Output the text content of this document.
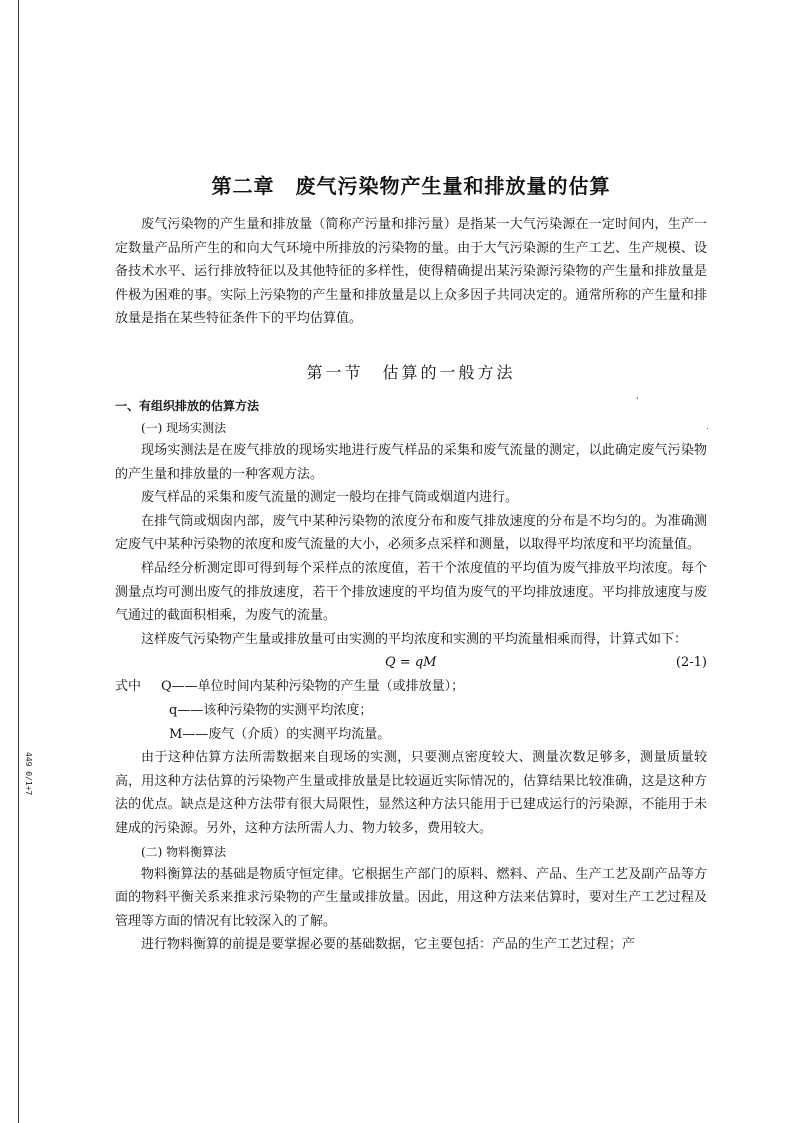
449 0/1+7
‘
.
第二章　废气污染物产生量和排放量的估算

废气污染物的产生量和排放量（简称产污量和排污量）是指某一大气污染源在一定时间内，生产一定数量产品所产生的和向大气环境中所排放的污染物的量。由于大气污染源的生产工艺、生产规模、设备技术水平、运行排放特征以及其他特征的多样性，使得精确提出某污染源污染物的产生量和排放量是件极为困难的事。实际上污染物的产生量和排放量是以上众多因子共同决定的。通常所称的产生量和排放量是指在某些特征条件下的平均估算值。

第一节　估算的一般方法

一、有组织排放的估算方法

(一) 现场实测法

现场实测法是在废气排放的现场实地进行废气样品的采集和废气流量的测定，以此确定废气污染物的产生量和排放量的一种客观方法。

废气样品的采集和废气流量的测定一般均在排气筒或烟道内进行。

在排气筒或烟囱内部，废气中某种污染物的浓度分布和废气排放速度的分布是不均匀的。为准确测定废气中某种污染物的浓度和废气流量的大小，必须多点采样和测量，以取得平均浓度和平均流量值。

样品经分析测定即可得到每个采样点的浓度值，若干个浓度值的平均值为废气排放平均浓度。每个测量点均可测出废气的排放速度，若干个排放速度的平均值为废气的平均排放速度。平均排放速度与废气通过的截面积相乘，为废气的流量。

这样废气污染物产生量或排放量可由实测的平均浓度和实测的平均流量相乘而得，计算式如下：

Q = qM	(2-1)
式中 Q——单位时间内某种污染物的产生量（或排放量）；
q——该种污染物的实测平均浓度；
M——废气（介质）的实测平均流量。

由于这种估算方法所需数据来自现场的实测，只要测点密度较大、测量次数足够多，测量质量较高，用这种方法估算的污染物产生量或排放量是比较逼近实际情况的，估算结果比较准确，这是这种方法的优点。缺点是这种方法带有很大局限性，显然这种方法只能用于已建成运行的污染源，不能用于未建成的污染源。另外，这种方法所需人力、物力较多，费用较大。

(二) 物料衡算法

物料衡算法的基础是物质守恒定律。它根据生产部门的原料、燃料、产品、生产工艺及副产品等方面的物料平衡关系来推求污染物的产生量或排放量。因此，用这种方法来估算时，要对生产工艺过程及管理等方面的情况有比较深入的了解。

进行物料衡算的前提是要掌握必要的基础数据，它主要包括：产品的生产工艺过程；产
